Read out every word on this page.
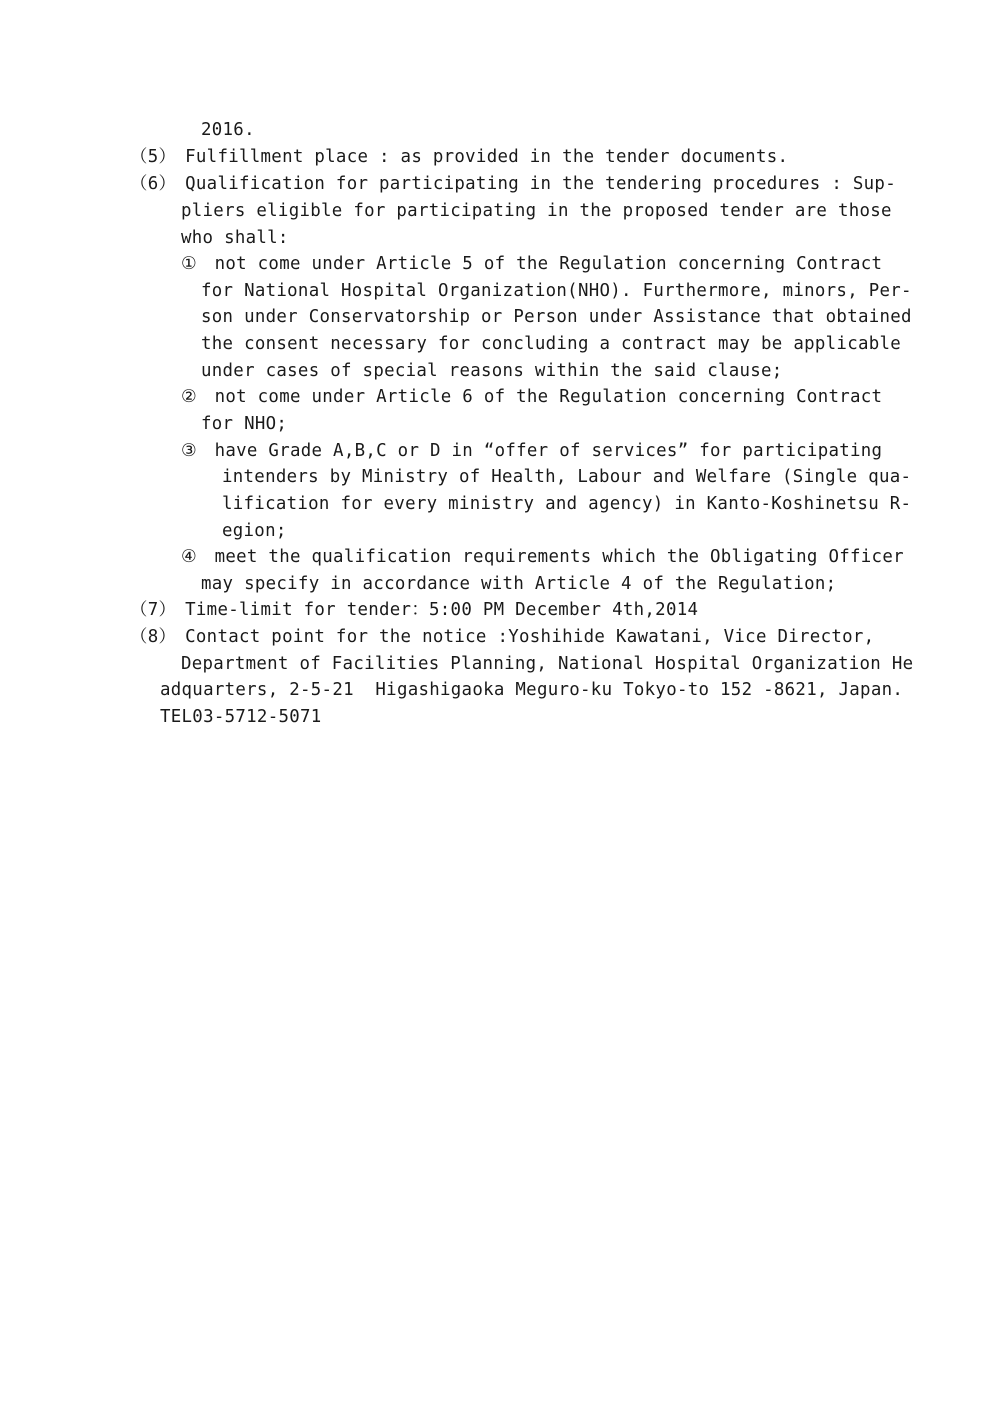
2016.
（5）　Fulfillment place : as provided in the tender documents.
（6）　Qualification for participating in the tendering procedures : Sup-
pliers eligible for participating in the proposed tender are those
who shall:
①　not come under Article 5 of the Regulation concerning Contract
for National Hospital Organization(NHO). Furthermore, minors, Per-
son under Conservatorship or Person under Assistance that obtained
the consent necessary for concluding a contract may be applicable
under cases of special reasons within the said clause;
②　not come under Article 6 of the Regulation concerning Contract
for NHO;
③　have Grade A,B,C or D in “offer of services” for participating
intenders by Ministry of Health, Labour and Welfare (Single qua-
lification for every ministry and agency) in Kanto-Koshinetsu R-
egion;
④　meet the qualification requirements which the Obligating Officer
may specify in accordance with Article 4 of the Regulation;
（7）　Time-limit for tender：5:00 PM December 4th,2014
（8）　Contact point for the notice :Yoshihide Kawatani, Vice Director,
Department of Facilities Planning, National Hospital Organization He
adquarters, 2-5-21  Higashigaoka Meguro-ku Tokyo-to 152 -8621, Japan.
TEL03-5712-5071
